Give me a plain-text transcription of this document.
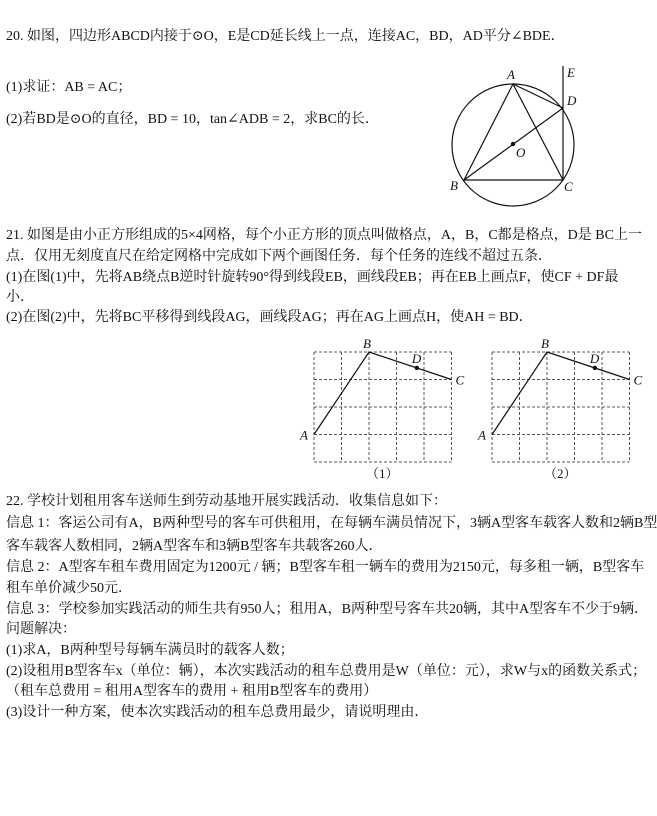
20. 如图，四边形ABCD内接于⊙O，E是CD延长线上一点，连接AC，BD，AD平分∠BDE．
(1)求证：AB = AC；
(2)若BD是⊙O的直径，BD = 10，tan∠ADB = 2，求BC的长．
A
B	C
D
E
O
21. 如图是由小正方形组成的5×4网格，每个小正方形的顶点叫做格点，A，B，C都是格点，D是 BC上一
点．仅用无刻度直尺在给定网格中完成如下两个画图任务．每个任务的连线不超过五条．
(1)在图(1)中，先将AB绕点B逆时针旋转90°得到线段EB，画线段EB；再在EB上画点F，使CF + DF最
小．
(2)在图(2)中，先将BC平移得到线段AG，画线段AG；再在AG上画点H，使AH = BD．
A
B
C
D
（1）
A
B
C
D
（2）
22. 学校计划租用客车送师生到劳动基地开展实践活动．收集信息如下：
信息 1：客运公司有A，B两种型号的客车可供租用，在每辆车满员情况下，3辆A型客车载客人数和2辆B型
客车载客人数相同，2辆A型客车和3辆B型客车共载客260人．
信息 2：A型客车租车费用固定为1200元 / 辆；B型客车租一辆车的费用为2150元，每多租一辆，B型客车
租车单价减少50元．
信息 3：学校参加实践活动的师生共有950人；租用A，B两种型号客车共20辆，其中A型客车不少于9辆．
问题解决：
(1)求A，B两种型号每辆车满员时的载客人数；
(2)设租用B型客车x（单位：辆），本次实践活动的租车总费用是W（单位：元），求W与x的函数关系式；
（租车总费用 = 租用A型客车的费用 + 租用B型客车的费用）
(3)设计一种方案，使本次实践活动的租车总费用最少，请说明理由．
